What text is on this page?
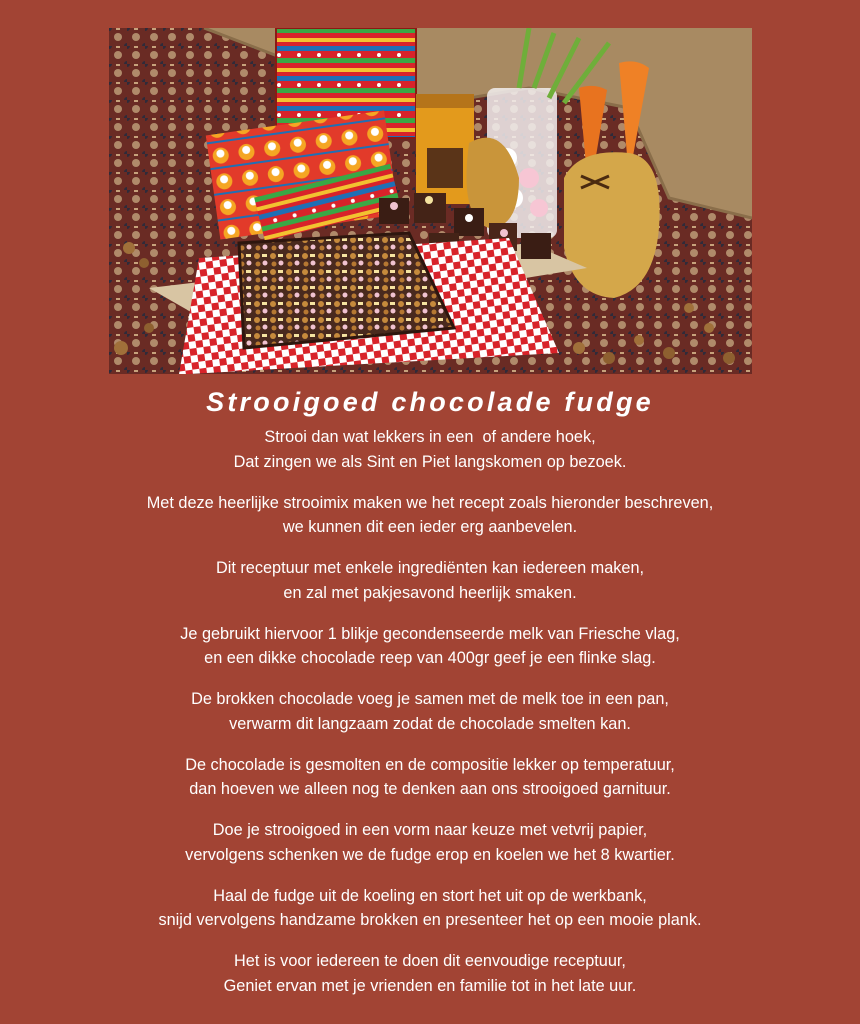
Strooigoed chocolade fudge

Strooi dan wat lekkers in een  of andere hoek,
Dat zingen we als Sint en Piet langskomen op bezoek.

Met deze heerlijke strooimix maken we het recept zoals hieronder beschreven,
we kunnen dit een ieder erg aanbevelen.

Dit receptuur met enkele ingrediënten kan iedereen maken,
en zal met pakjesavond heerlijk smaken.

Je gebruikt hiervoor 1 blikje gecondenseerde melk van Friesche vlag,
en een dikke chocolade reep van 400gr geef je een flinke slag.

De brokken chocolade voeg je samen met de melk toe in een pan,
verwarm dit langzaam zodat de chocolade smelten kan.

De chocolade is gesmolten en de compositie lekker op temperatuur,
dan hoeven we alleen nog te denken aan ons strooigoed garnituur.

Doe je strooigoed in een vorm naar keuze met vetvrij papier,
vervolgens schenken we de fudge erop en koelen we het 8 kwartier.

Haal de fudge uit de koeling en stort het uit op de werkbank,
snijd vervolgens handzame brokken en presenteer het op een mooie plank.

Het is voor iedereen te doen dit eenvoudige receptuur,
Geniet ervan met je vrienden en familie tot in het late uur.
